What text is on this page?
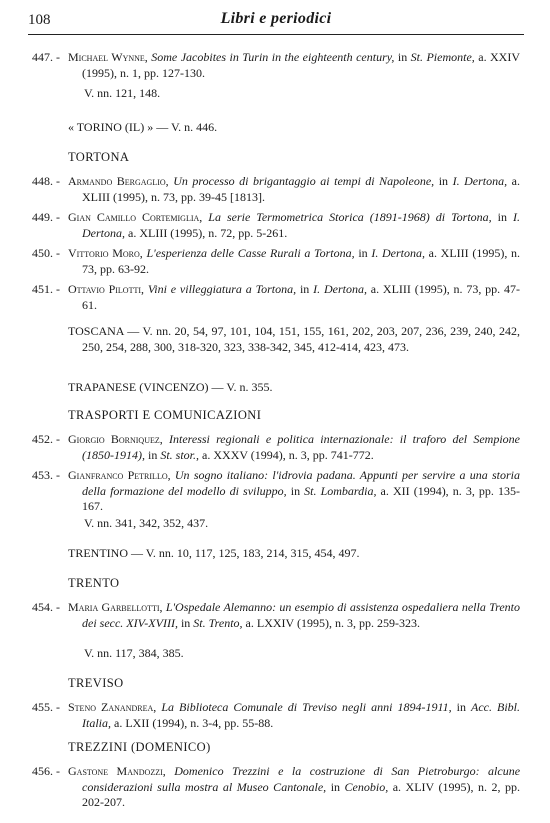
108	Libri e periodici
447. - Michael Wynne, Some Jacobites in Turin in the eighteenth century, in St. Piemonte, a. XXIV (1995), n. 1, pp. 127-130.
V. nn. 121, 148.
« TORINO (IL) » — V. n. 446.
TORTONA
448. - Armando Bergaglio, Un processo di brigantaggio ai tempi di Napoleone, in I. Dertona, a. XLIII (1995), n. 73, pp. 39-45 [1813].
449. - Gian Camillo Cortemiglia, La serie Termometrica Storica (1891-1968) di Tortona, in I. Dertona, a. XLIII (1995), n. 72, pp. 5-261.
450. - Vittorio Moro, L'esperienza delle Casse Rurali a Tortona, in I. Dertona, a. XLIII (1995), n. 73, pp. 63-92.
451. - Ottavio Pilotti, Vini e villeggiatura a Tortona, in I. Dertona, a. XLIII (1995), n. 73, pp. 47-61.
TOSCANA — V. nn. 20, 54, 97, 101, 104, 151, 155, 161, 202, 203, 207, 236, 239, 240, 242, 250, 254, 288, 300, 318-320, 323, 338-342, 345, 412-414, 423, 473.
TRAPANESE (VINCENZO) — V. n. 355.
TRASPORTI E COMUNICAZIONI
452. - Giorgio Borniquez, Interessi regionali e politica internazionale: il traforo del Sempione (1850-1914), in St. stor., a. XXXV (1994), n. 3, pp. 741-772.
453. - Gianfranco Petrillo, Un sogno italiano: l'idrovia padana. Appunti per servire a una storia della formazione del modello di sviluppo, in St. Lombardia, a. XII (1994), n. 3, pp. 135-167.
V. nn. 341, 342, 352, 437.
TRENTINO — V. nn. 10, 117, 125, 183, 214, 315, 454, 497.
TRENTO
454. - Maria Garbellotti, L'Ospedale Alemanno: un esempio di assistenza ospedaliera nella Trento dei secc. XIV-XVIII, in St. Trento, a. LXXIV (1995), n. 3, pp. 259-323.
V. nn. 117, 384, 385.
TREVISO
455. - Steno Zanandrea, La Biblioteca Comunale di Treviso negli anni 1894-1911, in Acc. Bibl. Italia, a. LXII (1994), n. 3-4, pp. 55-88.
TREZZINI (DOMENICO)
456. - Gastone Mandozzi, Domenico Trezzini e la costruzione di San Pietroburgo: alcune considerazioni sulla mostra al Museo Cantonale, in Cenobio, a. XLIV (1995), n. 2, pp. 202-207.
